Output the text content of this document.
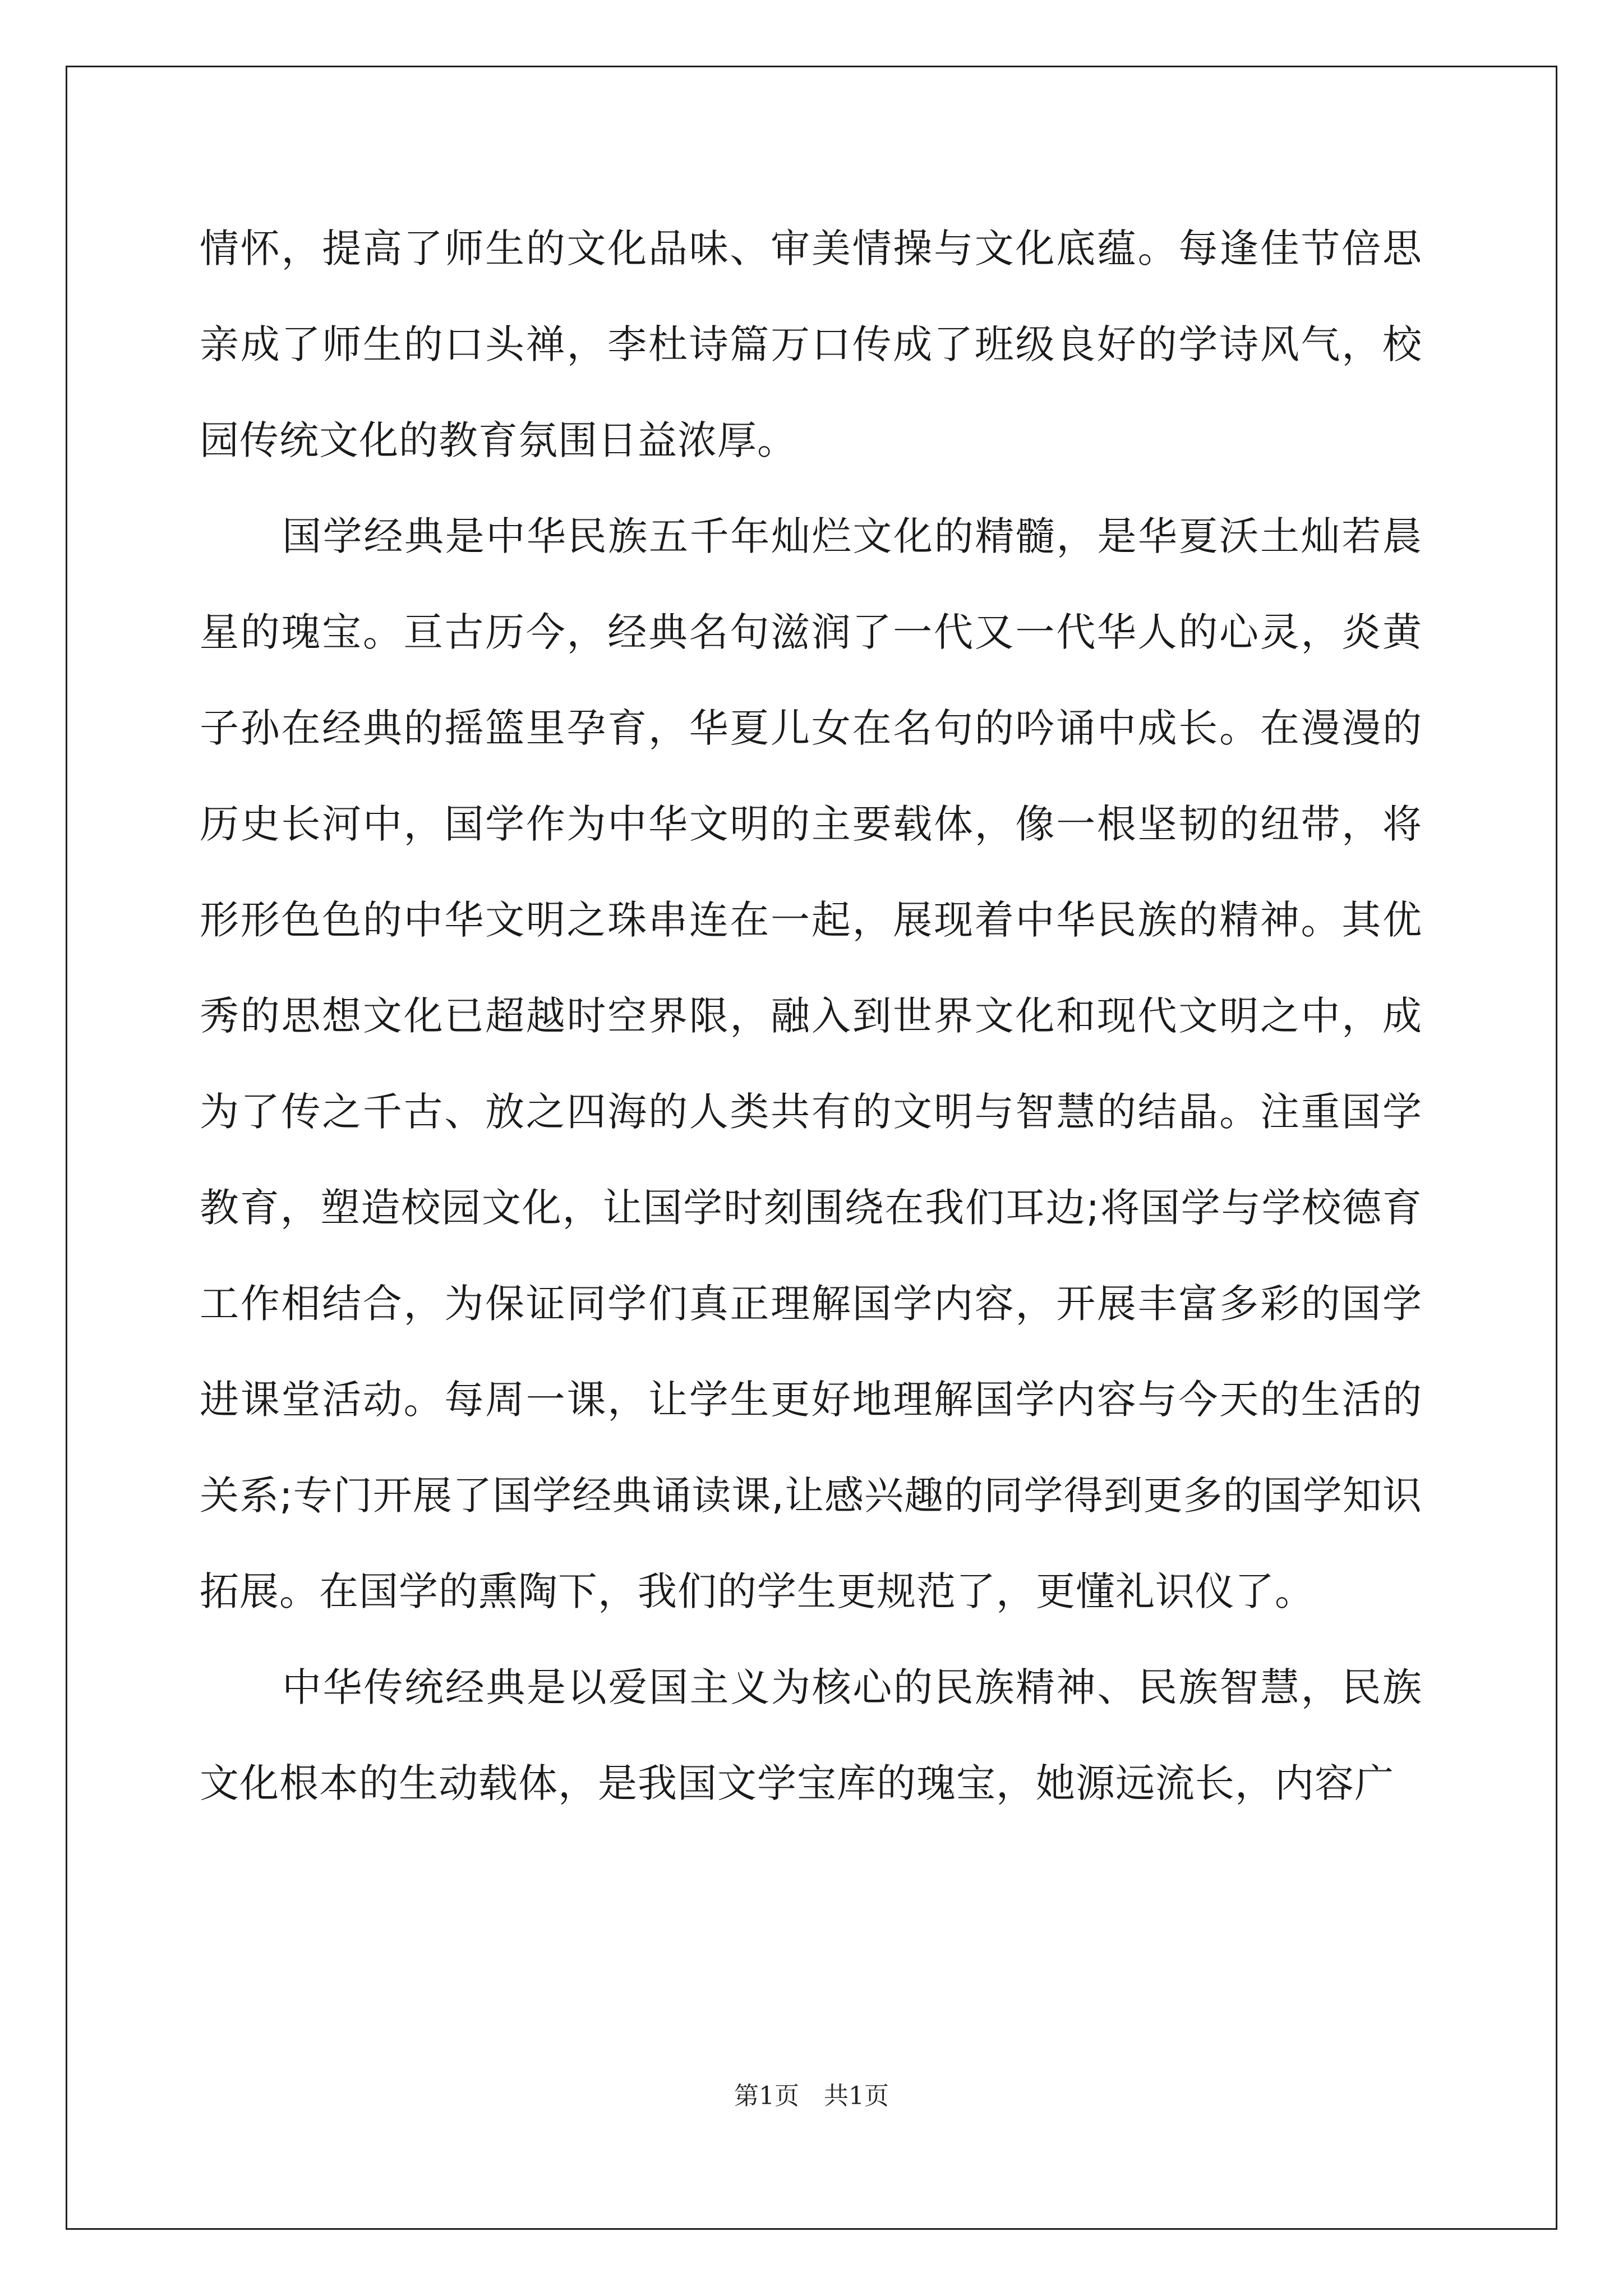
情怀，提高了师生的文化品味、审美情操与文化底蕴。每逢佳节倍思亲成了师生的口头禅，李杜诗篇万口传成了班级良好的学诗风气，校园传统文化的教育氛围日益浓厚。

国学经典是中华民族五千年灿烂文化的精髓，是华夏沃土灿若晨星的瑰宝。亘古历今，经典名句滋润了一代又一代华人的心灵，炎黄子孙在经典的摇篮里孕育，华夏儿女在名句的吟诵中成长。在漫漫的历史长河中，国学作为中华文明的主要载体，像一根坚韧的纽带，将形形色色的中华文明之珠串连在一起，展现着中华民族的精神。其优秀的思想文化已超越时空界限，融入到世界文化和现代文明之中，成为了传之千古、放之四海的人类共有的文明与智慧的结晶。注重国学教育，塑造校园文化，让国学时刻围绕在我们耳边;将国学与学校德育工作相结合，为保证同学们真正理解国学内容，开展丰富多彩的国学进课堂活动。每周一课，让学生更好地理解国学内容与今天的生活的关系;专门开展了国学经典诵读课,让感兴趣的同学得到更多的国学知识拓展。在国学的熏陶下，我们的学生更规范了，更懂礼识仪了。

中华传统经典是以爱国主义为核心的民族精神、民族智慧，民族文化根本的生动载体，是我国文学宝库的瑰宝，她源远流长，内容广

第1页　共1页
